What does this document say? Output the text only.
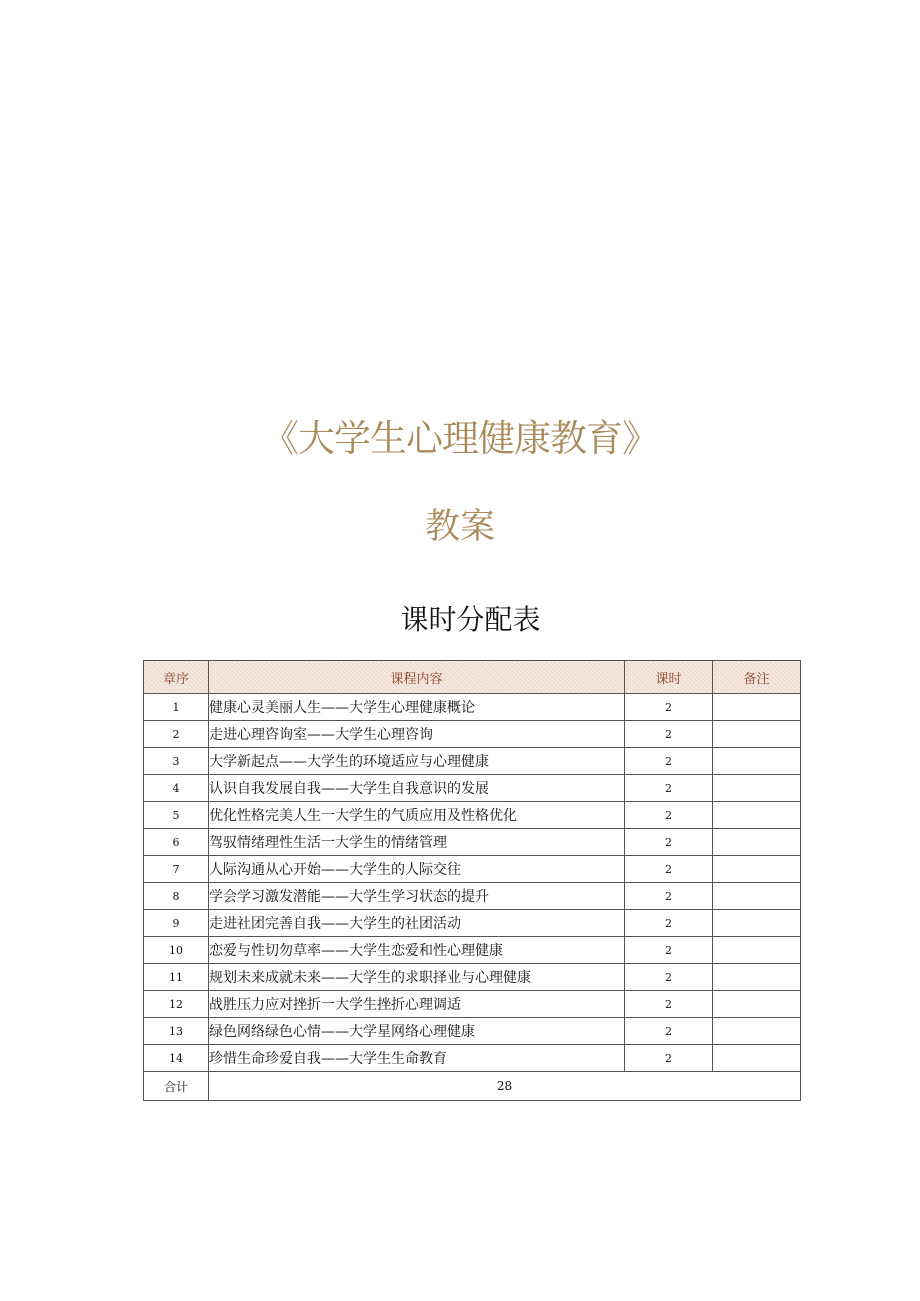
《大学生心理健康教育》
教案
课时分配表
章序	课程内容	课时	备注
1	健康心灵美丽人生——大学生心理健康概论	2	
2	走进心理咨询室——大学生心理咨询	2	
3	大学新起点——大学生的环境适应与心理健康	2	
4	认识自我发展自我——大学生自我意识的发展	2	
5	优化性格完美人生一大学生的气质应用及性格优化	2	
6	驾驭情绪理性生活一大学生的情绪管理	2	
7	人际沟通从心开始——大学生的人际交往	2	
8	学会学习激发潜能——大学生学习状态的提升	2	
9	走进社团完善自我——大学生的社团活动	2	
10	恋爱与性切勿草率——大学生恋爱和性心理健康	2	
11	规划未来成就未来——大学生的求职择业与心理健康	2	
12	战胜压力应对挫折一大学生挫折心理调适	2	
13	绿色网络绿色心情——大学星网络心理健康	2	
14	珍惜生命珍爱自我——大学生生命教育	2	
合计	28		
